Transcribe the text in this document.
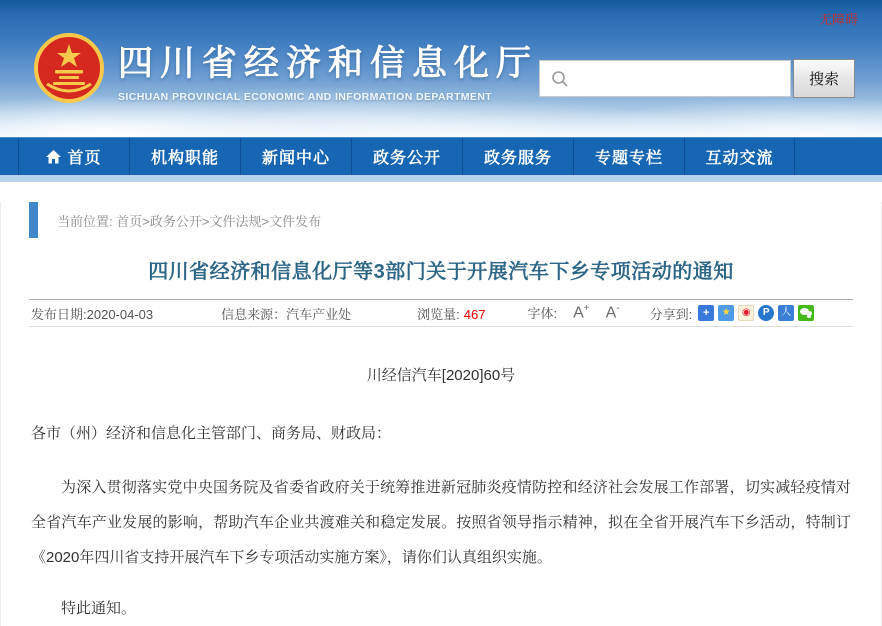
无障碍
四川省经济和信息化厅
SICHUAN PROVINCIAL ECONOMIC AND INFORMATION DEPARTMENT
搜索
首页	机构职能	新闻中心	政务公开	政务服务	专题专栏	互动交流
当前位置: 首页>政务公开>文件法规>文件发布
四川省经济和信息化厅等3部门关于开展汽车下乡专项活动的通知
发布日期:2020-04-03	信息来源：汽车产业处	浏览量: 467	字体: A+ A- 分享到: +	★	◉	P	人
川经信汽车[2020]60号
各市（州）经济和信息化主管部门、商务局、财政局：

为深入贯彻落实党中央国务院及省委省政府关于统筹推进新冠肺炎疫情防控和经济社会发展工作部署，切实减轻疫情对全省汽车产业发展的影响，帮助汽车企业共渡难关和稳定发展。按照省领导指示精神，拟在全省开展汽车下乡活动，特制订《2020年四川省支持开展汽车下乡专项活动实施方案》，请你们认真组织实施。

特此通知。
